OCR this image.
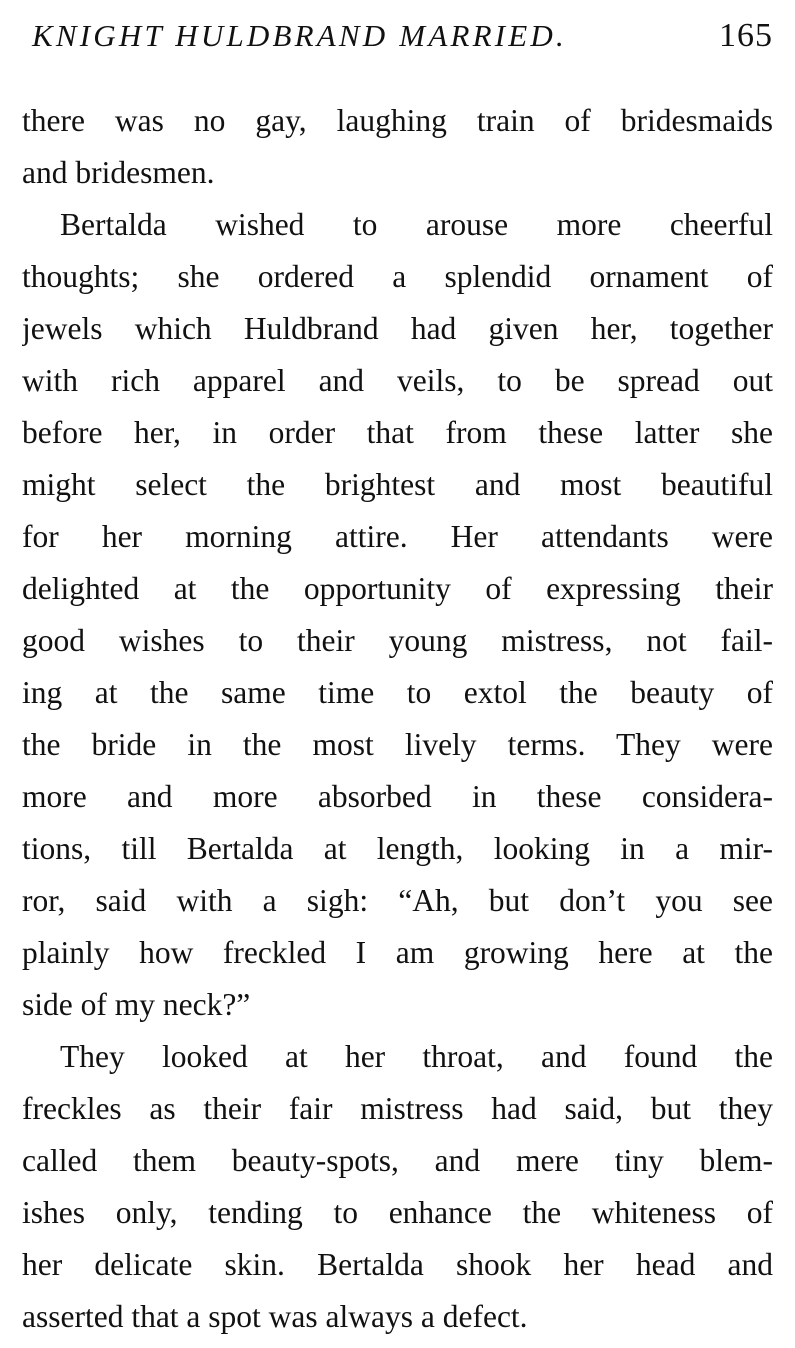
KNIGHT HULDBRAND MARRIED.	165
there was no gay, laughing train of bridesmaids
and bridesmen.
Bertalda wished to arouse more cheerful
thoughts; she ordered a splendid ornament of
jewels which Huldbrand had given her, together
with rich apparel and veils, to be spread out
before her, in order that from these latter she
might select the brightest and most beautiful
for her morning attire. Her attendants were
delighted at the opportunity of expressing their
good wishes to their young mistress, not fail-
ing at the same time to extol the beauty of
the bride in the most lively terms. They were
more and more absorbed in these considera-
tions, till Bertalda at length, looking in a mir-
ror, said with a sigh: “Ah, but don’t you see
plainly how freckled I am growing here at the
side of my neck?”
They looked at her throat, and found the
freckles as their fair mistress had said, but they
called them beauty-spots, and mere tiny blem-
ishes only, tending to enhance the whiteness of
her delicate skin. Bertalda shook her head and
asserted that a spot was always a defect.
